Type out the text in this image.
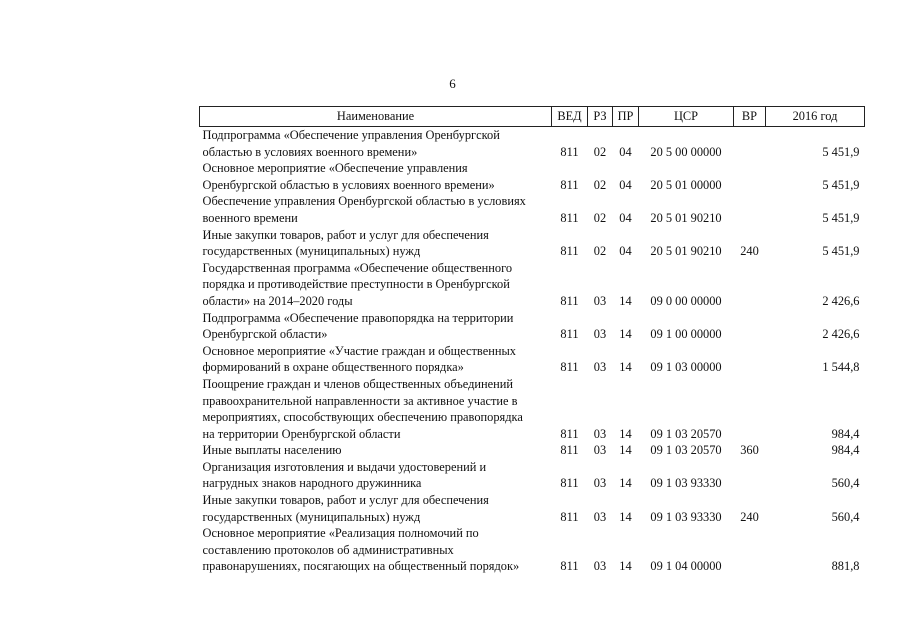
6
Наименование	ВЕД	РЗ	ПР	ЦСР	ВР	2016 год
Подпрограмма «Обеспечение управления Оренбургской областью в условиях военного времени»	811	02	04	20 5 00 00000		5 451,9
Основное мероприятие «Обеспечение управления Оренбургской областью в условиях военного времени»	811	02	04	20 5 01 00000		5 451,9
Обеспечение управления Оренбургской областью в условиях военного времени	811	02	04	20 5 01 90210		5 451,9
Иные закупки товаров, работ и услуг для обеспечения государственных (муниципальных) нужд	811	02	04	20 5 01 90210	240	5 451,9
Государственная программа «Обеспечение общественного порядка и противодействие преступности в Оренбургской области» на 2014–2020 годы	811	03	14	09 0 00 00000		2 426,6
Подпрограмма «Обеспечение правопорядка на территории Оренбургской области»	811	03	14	09 1 00 00000		2 426,6
Основное мероприятие «Участие граждан и общественных формирований в охране общественного порядка»	811	03	14	09 1 03 00000		1 544,8
Поощрение граждан и членов общественных объединений правоохранительной направленности за активное участие в мероприятиях, способствующих обеспечению правопорядка на территории Оренбургской области	811	03	14	09 1 03 20570		984,4
Иные выплаты населению	811	03	14	09 1 03 20570	360	984,4
Организация изготовления и выдачи удостоверений и нагрудных знаков народного дружинника	811	03	14	09 1 03 93330		560,4
Иные закупки товаров, работ и услуг для обеспечения государственных (муниципальных) нужд	811	03	14	09 1 03 93330	240	560,4
Основное мероприятие «Реализация полномочий по составлению протоколов об административных правонарушениях, посягающих на общественный порядок»	811	03	14	09 1 04 00000		881,8
